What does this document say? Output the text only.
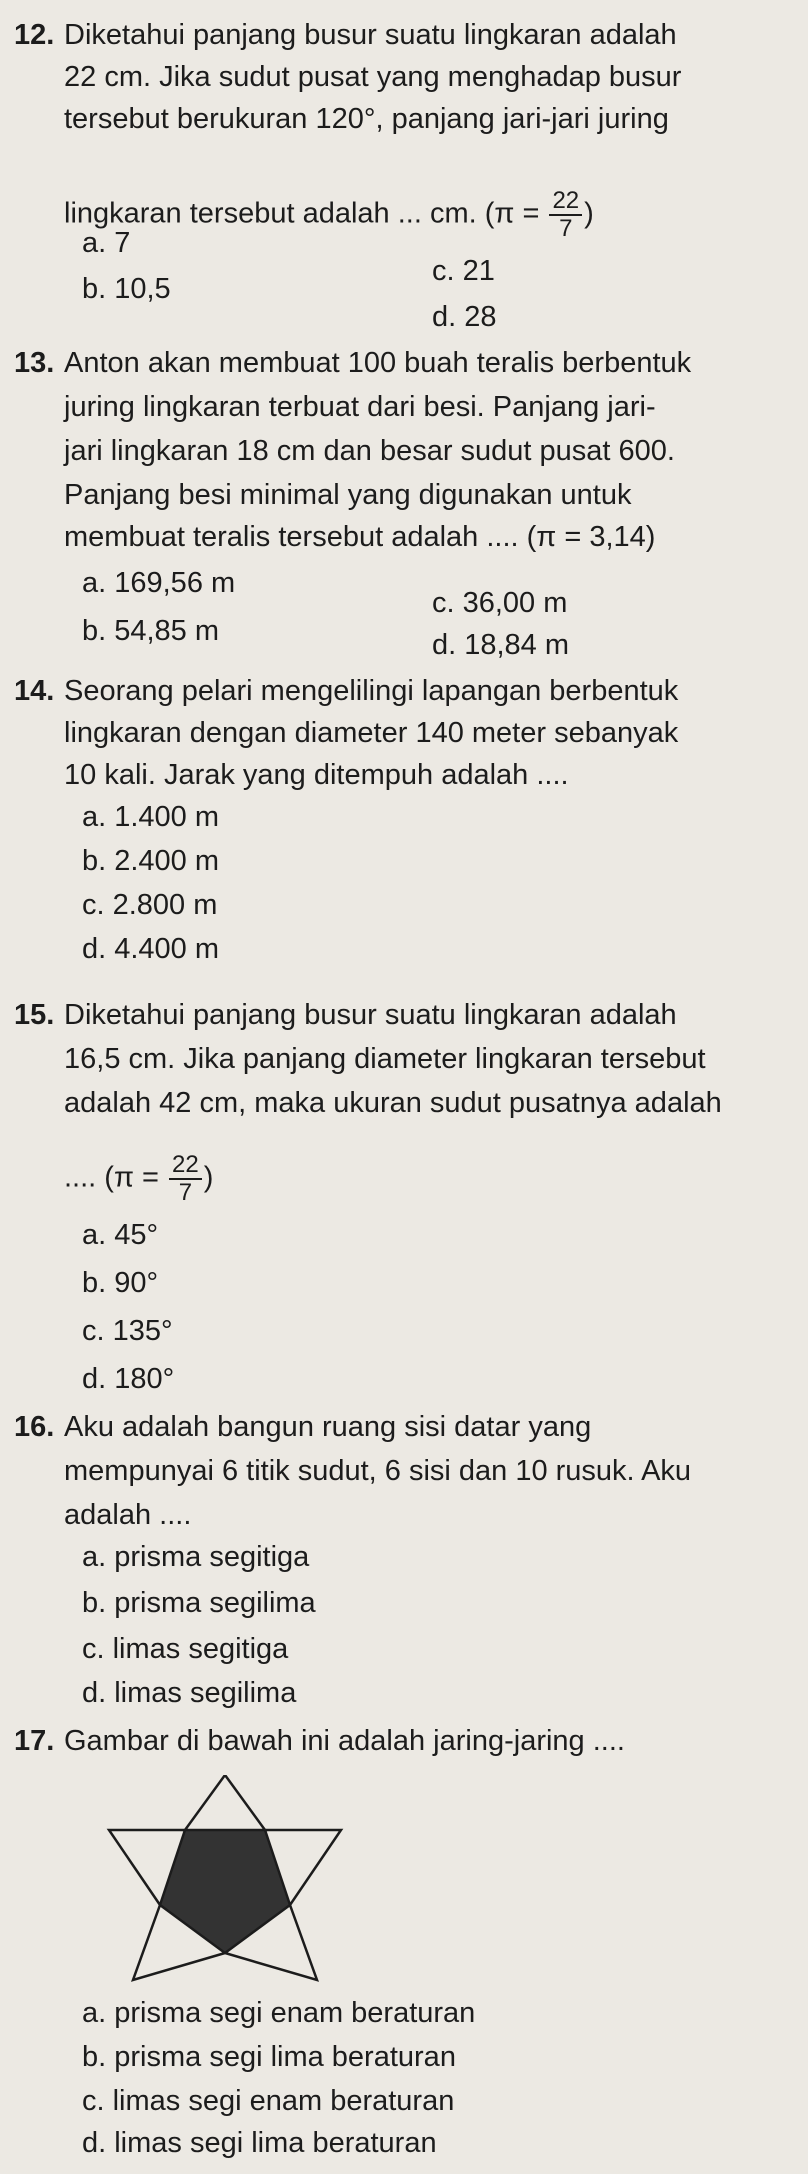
12. Diketahui panjang busur suatu lingkaran adalah
22 cm. Jika sudut pusat yang menghadap busur
tersebut berukuran 120°, panjang jari-jari juring
lingkaran tersebut adalah ... cm. ($\pi = \frac{22}{7}$ )
a. 7
b. 10,5
c. 21
d. 28
13. Anton akan membuat 100 buah teralis berbentuk
juring lingkaran terbuat dari besi. Panjang jari-
jari lingkaran 18 cm dan besar sudut pusat 600.
Panjang besi minimal yang digunakan untuk
membuat teralis tersebut adalah .... (π = 3,14)
a. 169,56 m
b. 54,85 m
c. 36,00 m
d. 18,84 m
14. Seorang pelari mengelilingi lapangan berbentuk
lingkaran dengan diameter 140 meter sebanyak
10 kali. Jarak yang ditempuh adalah ....
a. 1.400 m
b. 2.400 m
c. 2.800 m
d. 4.400 m
15. Diketahui panjang busur suatu lingkaran adalah
16,5 cm. Jika panjang diameter lingkaran tersebut
adalah 42 cm, maka ukuran sudut pusatnya adalah
.... ($\pi = \frac{22}{7}$ )
a. 45°
b. 90°
c. 135°
d. 180°
16. Aku adalah bangun ruang sisi datar yang
mempunyai 6 titik sudut, 6 sisi dan 10 rusuk. Aku
adalah ....
a. prisma segitiga
b. prisma segilima
c. limas segitiga
d. limas segilima
17. Gambar di bawah ini adalah jaring-jaring ....
a. prisma segi enam beraturan
b. prisma segi lima beraturan
c. limas segi enam beraturan
d. limas segi lima beraturan
